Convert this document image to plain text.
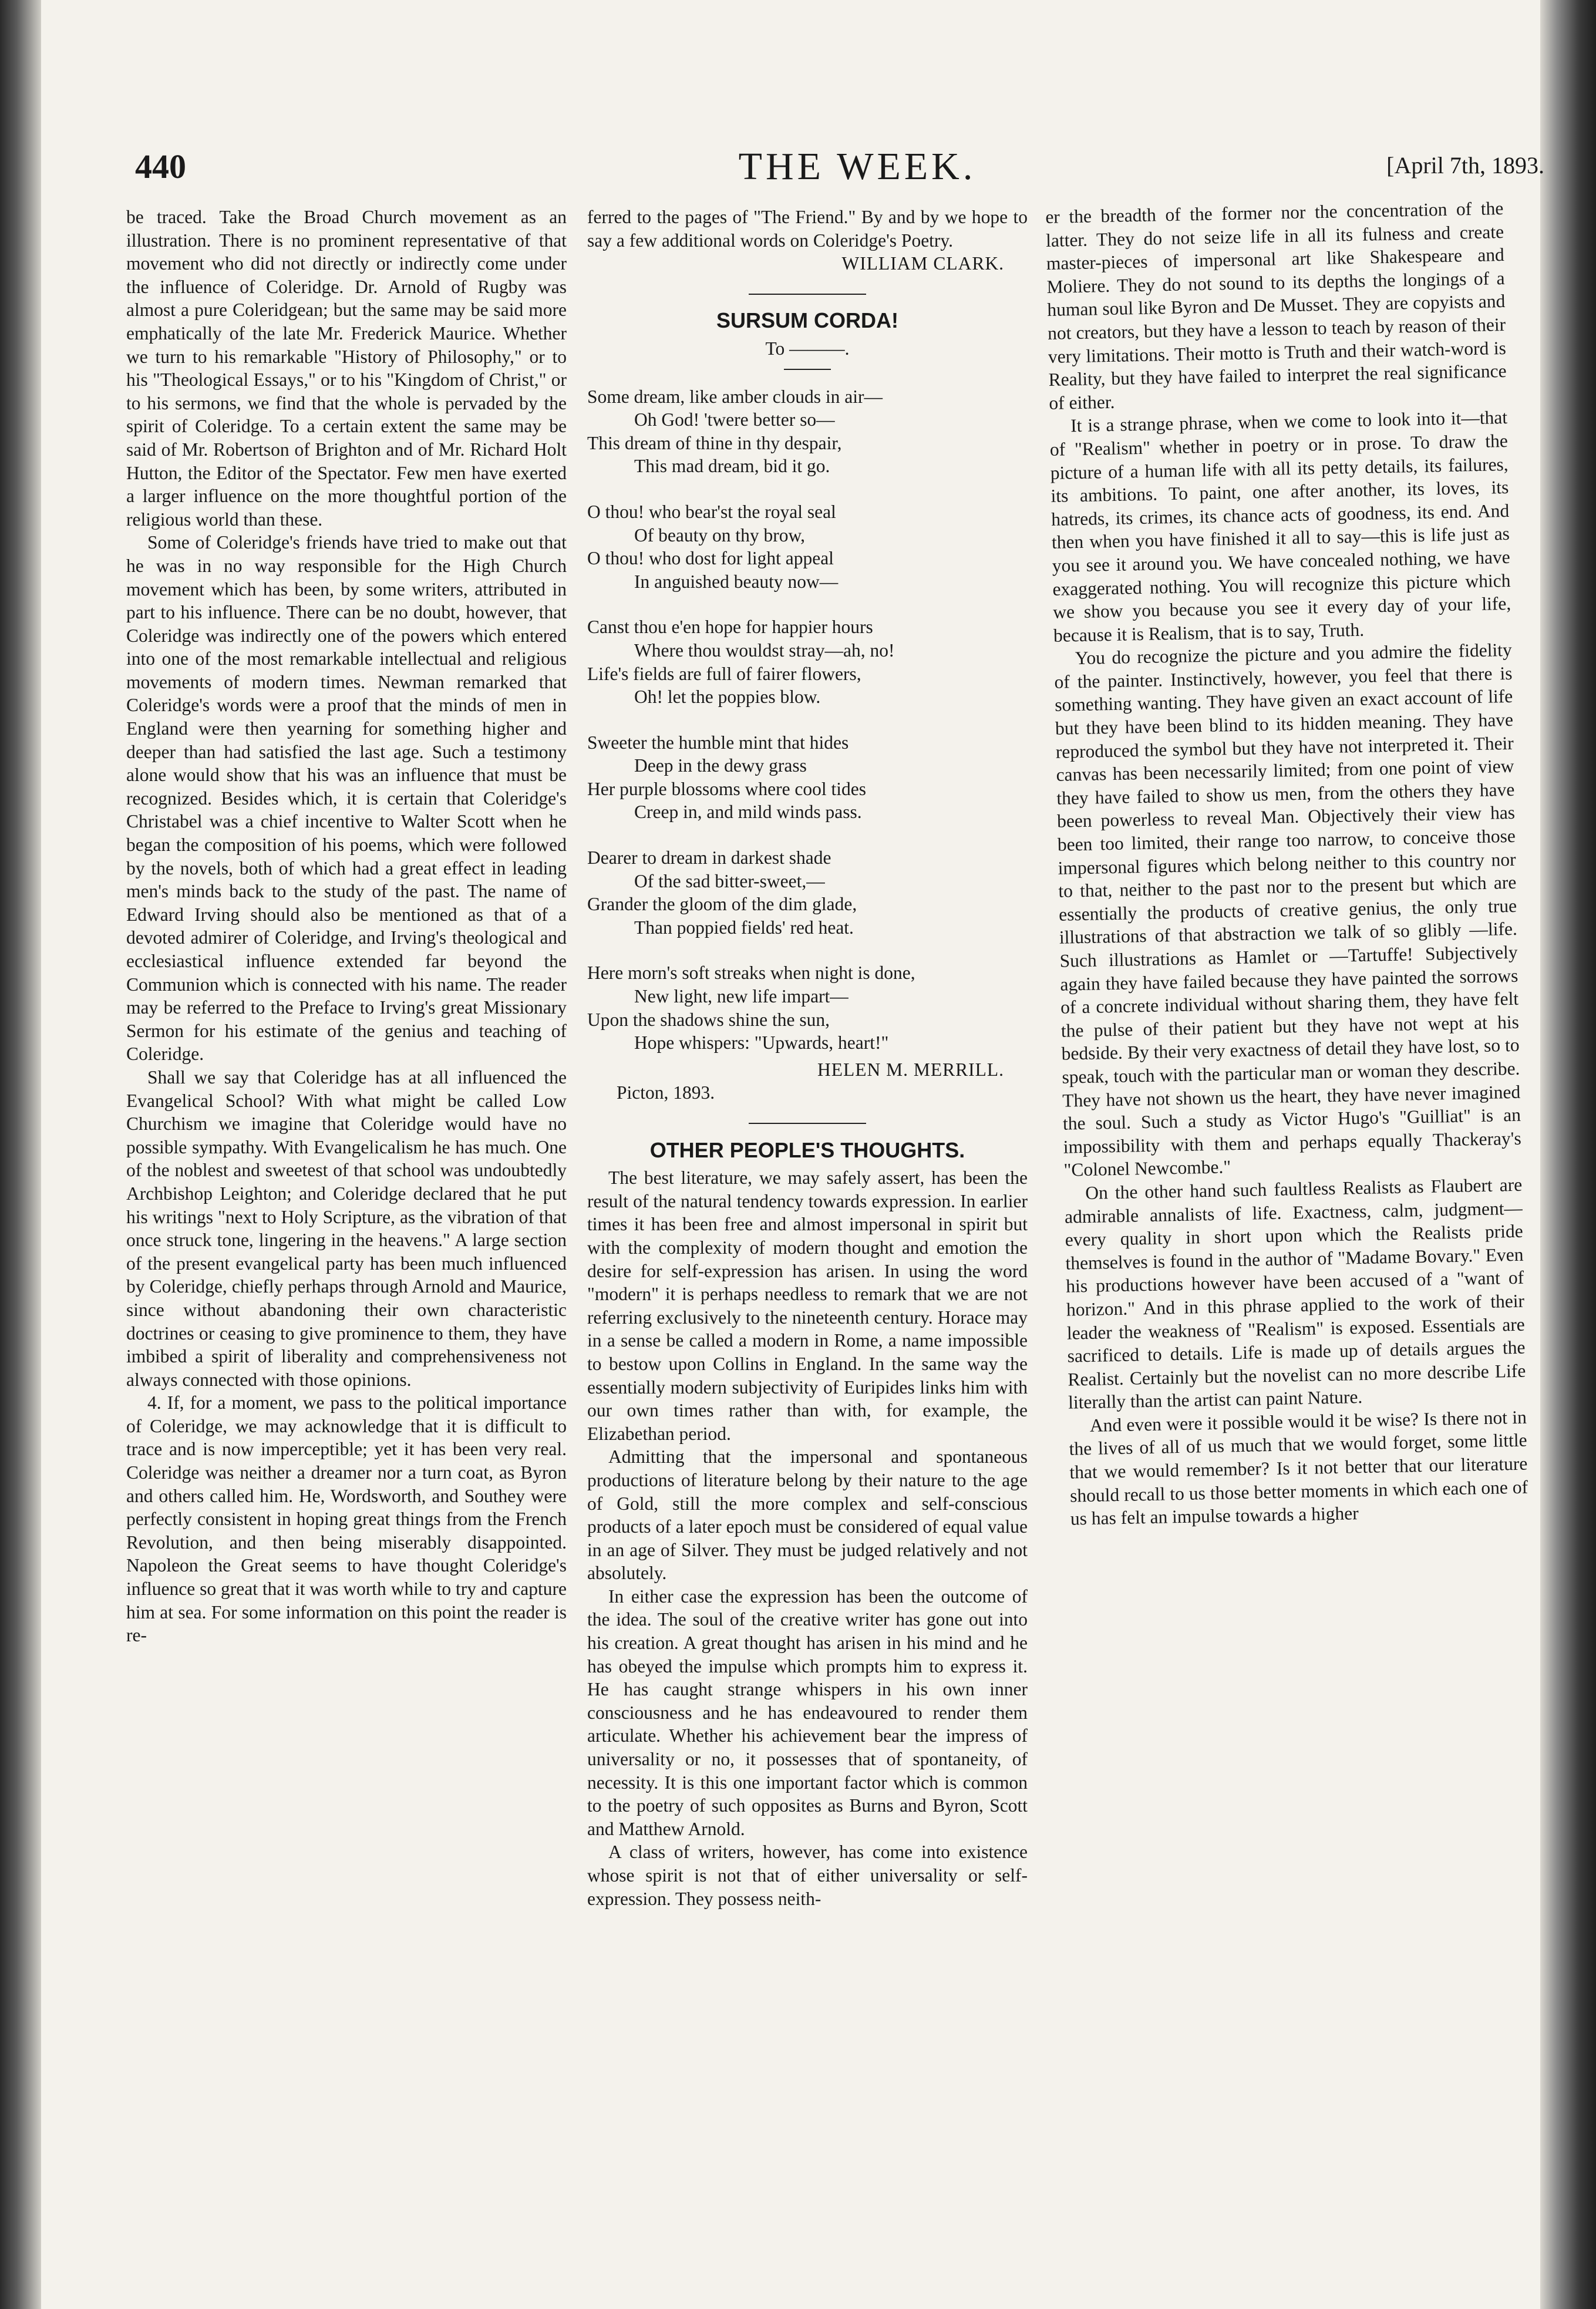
440	THE WEEK.	[April 7th, 1893.

be traced. Take the Broad Church movement as an illustration. There is no prominent representative of that movement who did not directly or indirectly come under the influence of Coleridge. Dr. Arnold of Rugby was almost a pure Coleridgean; but the same may be said more emphatically of the late Mr. Frederick Maurice. Whether we turn to his remarkable "History of Philosophy," or to his "Theological Essays," or to his "Kingdom of Christ," or to his sermons, we find that the whole is pervaded by the spirit of Coleridge. To a certain extent the same may be said of Mr. Robertson of Brighton and of Mr. Richard Holt Hutton, the Editor of the Spectator. Few men have exerted a larger influence on the more thoughtful portion of the religious world than these.

Some of Coleridge's friends have tried to make out that he was in no way responsible for the High Church movement which has been, by some writers, attributed in part to his influence. There can be no doubt, however, that Coleridge was indirectly one of the powers which entered into one of the most remarkable intellectual and religious movements of modern times. Newman remarked that Coleridge's words were a proof that the minds of men in England were then yearning for something higher and deeper than had satisfied the last age. Such a testimony alone would show that his was an influence that must be recognized. Besides which, it is certain that Coleridge's Christabel was a chief incentive to Walter Scott when he began the composition of his poems, which were followed by the novels, both of which had a great effect in leading men's minds back to the study of the past. The name of Edward Irving should also be mentioned as that of a devoted admirer of Coleridge, and Irving's theological and ecclesiastical influence extended far beyond the Communion which is connected with his name. The reader may be referred to the Preface to Irving's great Missionary Sermon for his estimate of the genius and teaching of Coleridge.

Shall we say that Coleridge has at all influenced the Evangelical School? With what might be called Low Churchism we imagine that Coleridge would have no possible sympathy. With Evangelicalism he has much. One of the noblest and sweetest of that school was undoubtedly Archbishop Leighton; and Coleridge declared that he put his writings "next to Holy Scripture, as the vibration of that once struck tone, lingering in the heavens." A large section of the present evangelical party has been much influenced by Coleridge, chiefly perhaps through Arnold and Maurice, since without abandoning their own characteristic doctrines or ceasing to give prominence to them, they have imbibed a spirit of liberality and comprehensiveness not always connected with those opinions.

4. If, for a moment, we pass to the political importance of Coleridge, we may acknowledge that it is difficult to trace and is now imperceptible; yet it has been very real. Coleridge was neither a dreamer nor a turn coat, as Byron and others called him. He, Wordsworth, and Southey were perfectly consistent in hoping great things from the French Revolution, and then being miserably disappointed. Napoleon the Great seems to have thought Coleridge's influence so great that it was worth while to try and capture him at sea. For some information on this point the reader is re-

ferred to the pages of "The Friend." By and by we hope to say a few additional words on Coleridge's Poetry.

WILLIAM CLARK.
SURSUM CORDA!
To ———.

Some dream, like amber clouds in air—

Oh God! 'twere better so—

This dream of thine in thy despair,

This mad dream, bid it go.

O thou! who bear'st the royal seal

Of beauty on thy brow,

O thou! who dost for light appeal

In anguished beauty now—

Canst thou e'en hope for happier hours

Where thou wouldst stray—ah, no!

Life's fields are full of fairer flowers,

Oh! let the poppies blow.

Sweeter the humble mint that hides

Deep in the dewy grass

Her purple blossoms where cool tides

Creep in, and mild winds pass.

Dearer to dream in darkest shade

Of the sad bitter-sweet,—

Grander the gloom of the dim glade,

Than poppied fields' red heat.

Here morn's soft streaks when night is done,

New light, new life impart—

Upon the shadows shine the sun,

Hope whispers: "Upwards, heart!"

HELEN M. MERRILL.
Picton, 1893.
OTHER PEOPLE'S THOUGHTS.

The best literature, we may safely assert, has been the result of the natural tendency towards expression. In earlier times it has been free and almost impersonal in spirit but with the complexity of modern thought and emotion the desire for self-expression has arisen. In using the word "modern" it is perhaps needless to remark that we are not referring exclusively to the nineteenth century. Horace may in a sense be called a modern in Rome, a name impossible to bestow upon Collins in England. In the same way the essentially modern subjectivity of Euripides links him with our own times rather than with, for example, the Elizabethan period.

Admitting that the impersonal and spontaneous productions of literature belong by their nature to the age of Gold, still the more complex and self-conscious products of a later epoch must be considered of equal value in an age of Silver. They must be judged relatively and not absolutely.

In either case the expression has been the outcome of the idea. The soul of the creative writer has gone out into his creation. A great thought has arisen in his mind and he has obeyed the impulse which prompts him to express it. He has caught strange whispers in his own inner consciousness and he has endeavoured to render them articulate. Whether his achievement bear the impress of universality or no, it possesses that of spontaneity, of necessity. It is this one important factor which is common to the poetry of such opposites as Burns and Byron, Scott and Matthew Arnold.

A class of writers, however, has come into existence whose spirit is not that of either universality or self-expression. They possess neith-

er the breadth of the former nor the concentration of the latter. They do not seize life in all its fulness and create master-pieces of impersonal art like Shakespeare and Moliere. They do not sound to its depths the longings of a human soul like Byron and De Musset. They are copyists and not creators, but they have a lesson to teach by reason of their very limitations. Their motto is Truth and their watch-word is Reality, but they have failed to interpret the real significance of either.

It is a strange phrase, when we come to look into it—that of "Realism" whether in poetry or in prose. To draw the picture of a human life with all its petty details, its failures, its ambitions. To paint, one after another, its loves, its hatreds, its crimes, its chance acts of goodness, its end. And then when you have finished it all to say—this is life just as you see it around you. We have concealed nothing, we have exaggerated nothing. You will recognize this picture which we show you because you see it every day of your life, because it is Realism, that is to say, Truth.

You do recognize the picture and you admire the fidelity of the painter. Instinctively, however, you feel that there is something wanting. They have given an exact account of life but they have been blind to its hidden meaning. They have reproduced the symbol but they have not interpreted it. Their canvas has been necessarily limited; from one point of view they have failed to show us men, from the others they have been powerless to reveal Man. Objectively their view has been too limited, their range too narrow, to conceive those impersonal figures which belong neither to this country nor to that, neither to the past nor to the present but which are essentially the products of creative genius, the only true illustrations of that abstraction we talk of so glibly —life. Such illustrations as Hamlet or —Tartuffe! Subjectively again they have failed because they have painted the sorrows of a concrete individual without sharing them, they have felt the pulse of their patient but they have not wept at his bedside. By their very exactness of detail they have lost, so to speak, touch with the particular man or woman they describe. They have not shown us the heart, they have never imagined the soul. Such a study as Victor Hugo's "Guilliat" is an impossibility with them and perhaps equally Thackeray's "Colonel Newcombe."

On the other hand such faultless Realists as Flaubert are admirable annalists of life. Exactness, calm, judgment—every quality in short upon which the Realists pride themselves is found in the author of "Madame Bovary." Even his productions however have been accused of a "want of horizon." And in this phrase applied to the work of their leader the weakness of "Realism" is exposed. Essentials are sacrificed to details. Life is made up of details argues the Realist. Certainly but the novelist can no more describe Life literally than the artist can paint Nature.

And even were it possible would it be wise? Is there not in the lives of all of us much that we would forget, some little that we would remember? Is it not better that our literature should recall to us those better moments in which each one of us has felt an impulse towards a higher
